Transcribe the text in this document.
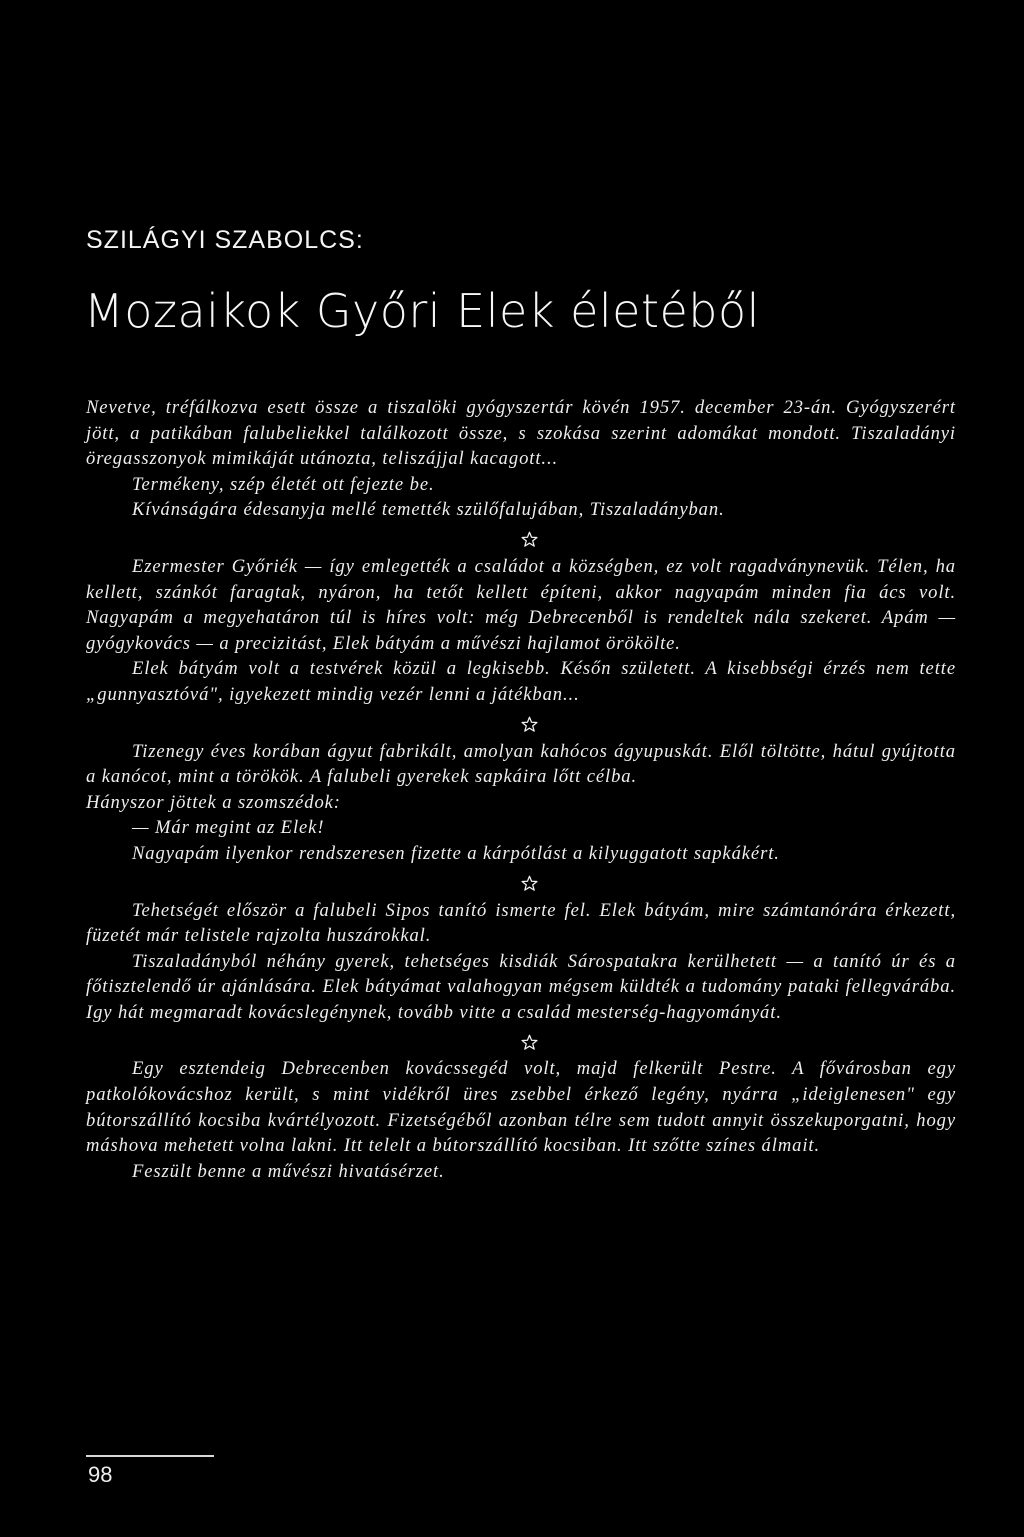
SZILÁGYI SZABOLCS:
Mozaikok Győri Elek életéből

Nevetve, tréfálkozva esett össze a tiszalöki gyógyszertár kövén 1957. december 23-án. Gyógyszerért jött, a patikában falubeliekkel találkozott össze, s szokása szerint adomákat mondott. Tiszaladányi öregasszonyok mimikáját utánozta, teliszájjal kacagott...

Termékeny, szép életét ott fejezte be.

Kívánságára édesanyja mellé temették szülőfalujában, Tiszaladányban.

Ezermester Győriék — így emlegették a családot a községben, ez volt ragadványnevük. Télen, ha kellett, szánkót faragtak, nyáron, ha tetőt kellett építeni, akkor nagyapám minden fia ács volt. Nagyapám a megyehatáron túl is híres volt: még Debrecenből is rendeltek nála szekeret. Apám — gyógykovács — a precizitást, Elek bátyám a művészi hajlamot örökölte.

Elek bátyám volt a testvérek közül a legkisebb. Későn született. A kisebbségi érzés nem tette „gunnyasztóvá", igyekezett mindig vezér lenni a játékban...

Tizenegy éves korában ágyut fabrikált, amolyan kahócos ágyupuskát. Elől töltötte, hátul gyújtotta a kanócot, mint a törökök. A falubeli gyerekek sapkáira lőtt célba.

Hányszor jöttek a szomszédok:

— Már megint az Elek!

Nagyapám ilyenkor rendszeresen fizette a kárpótlást a kilyuggatott sapkákért.

Tehetségét először a falubeli Sipos tanító ismerte fel. Elek bátyám, mire számtanórára érkezett, füzetét már telistele rajzolta huszárokkal.

Tiszaladányból néhány gyerek, tehetséges kisdiák Sárospatakra kerülhetett — a tanító úr és a főtisztelendő úr ajánlására. Elek bátyámat valahogyan mégsem küldték a tudomány pataki fellegvárába. Igy hát megmaradt kovácslegénynek, tovább vitte a család mesterség-hagyományát.

Egy esztendeig Debrecenben kovácssegéd volt, majd felkerült Pestre. A fővárosban egy patkolókovácshoz került, s mint vidékről üres zsebbel érkező legény, nyárra „ideiglenesen" egy bútorszállító kocsiba kvártélyozott. Fizetségéből azonban télre sem tudott annyit összekuporgatni, hogy máshova mehetett volna lakni. Itt telelt a bútorszállító kocsiban. Itt szőtte színes álmait.

Feszült benne a művészi hivatásérzet.

98
